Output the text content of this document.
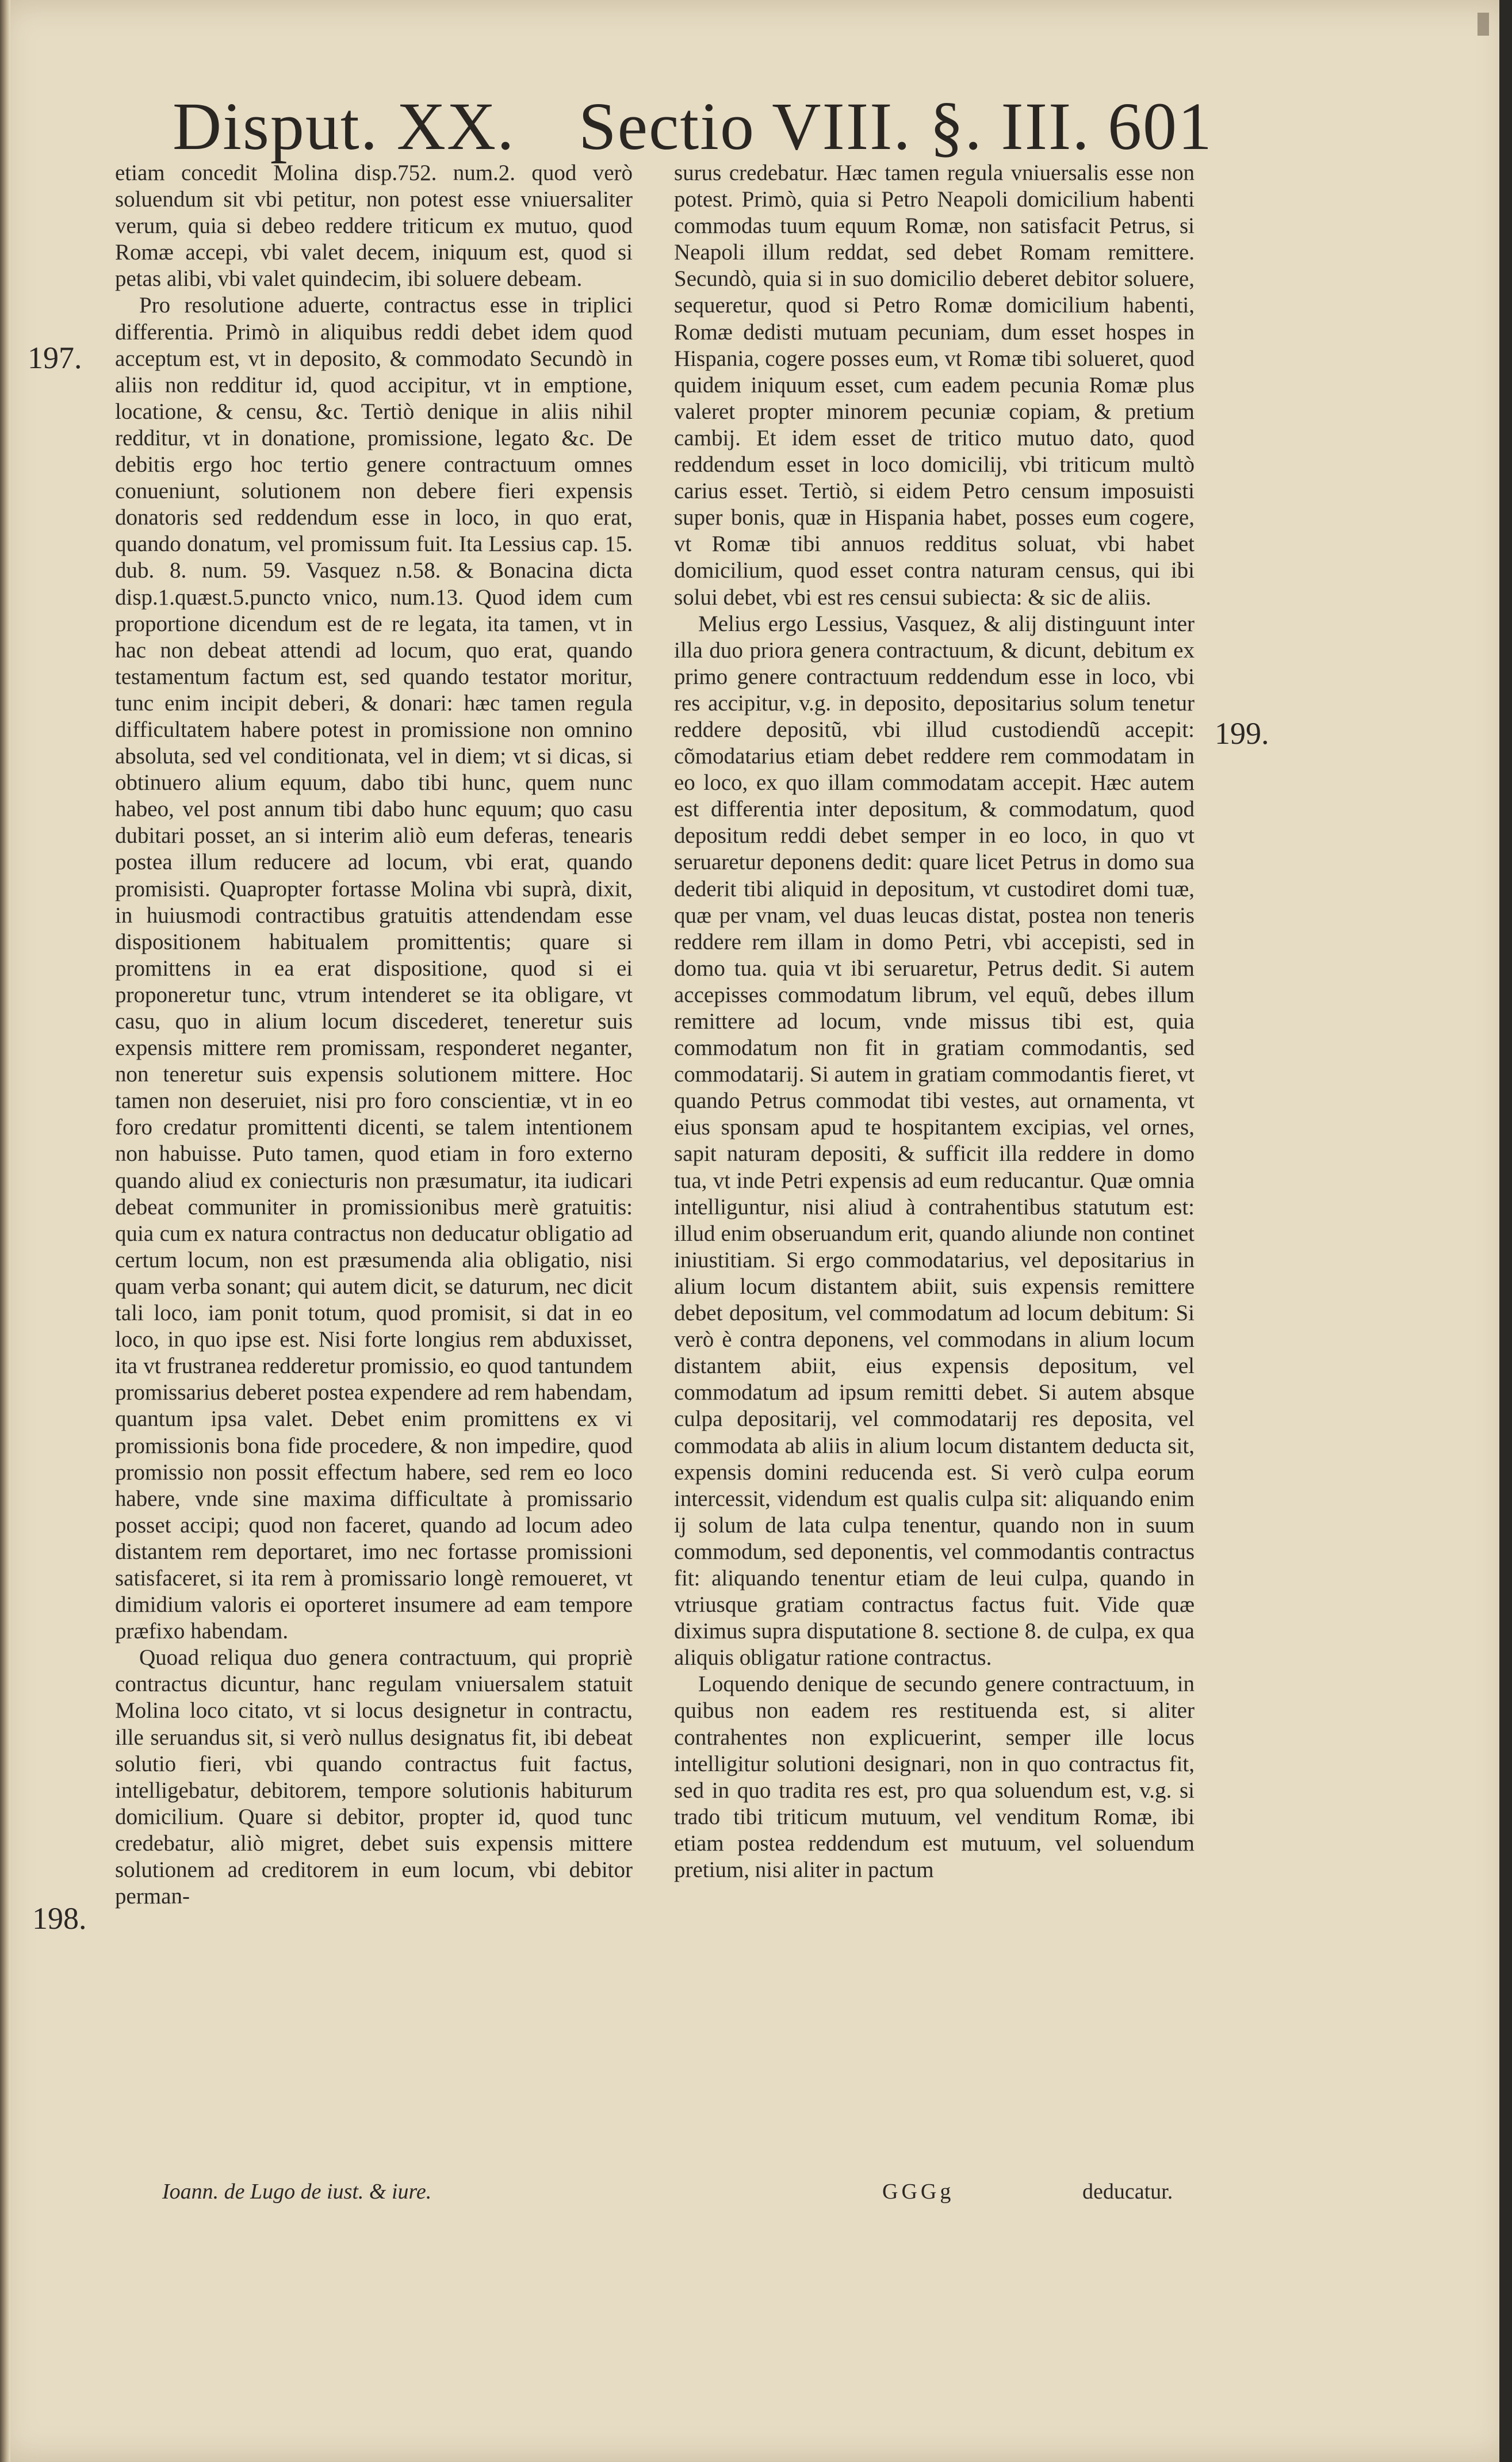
Disput. XX. Sectio VIII. §. III. 601
197.
198.
199.

etiam concedit Molina disp.752. num.2. quod verò soluendum sit vbi petitur, non potest esse vniuersaliter verum, quia si debeo reddere triticum ex mutuo, quod Romæ accepi, vbi valet decem, iniquum est, quod si petas alibi, vbi valet quindecim, ibi soluere debeam.

Pro resolutione aduerte, contractus esse in triplici differentia. Primò in aliquibus reddi debet idem quod acceptum est, vt in deposito, & commodato Secundò in aliis non redditur id, quod accipitur, vt in emptione, locatione, & censu, &c. Tertiò denique in aliis nihil redditur, vt in donatione, promissione, legato &c. De debitis ergo hoc tertio genere contractuum omnes conueniunt, solutionem non debere fieri expensis donatoris sed reddendum esse in loco, in quo erat, quando donatum, vel promissum fuit. Ita Lessius cap. 15. dub. 8. num. 59. Vasquez n.58. & Bonacina dicta disp.1.quæst.5.puncto vnico, num.13. Quod idem cum proportione dicendum est de re legata, ita tamen, vt in hac non debeat attendi ad locum, quo erat, quando testamentum factum est, sed quando testator moritur, tunc enim incipit deberi, & donari: hæc tamen regula difficultatem habere potest in promissione non omnino absoluta, sed vel conditionata, vel in diem; vt si dicas, si obtinuero alium equum, dabo tibi hunc, quem nunc habeo, vel post annum tibi dabo hunc equum; quo casu dubitari posset, an si interim aliò eum deferas, tenearis postea illum reducere ad locum, vbi erat, quando promisisti. Quapropter fortasse Molina vbi suprà, dixit, in huiusmodi contractibus gratuitis attendendam esse dispositionem habitualem promittentis; quare si promittens in ea erat dispositione, quod si ei proponeretur tunc, vtrum intenderet se ita obligare, vt casu, quo in alium locum discederet, teneretur suis expensis mittere rem promissam, responderet neganter, non teneretur suis expensis solutionem mittere. Hoc tamen non deseruiet, nisi pro foro conscientiæ, vt in eo foro credatur promittenti dicenti, se talem intentionem non habuisse. Puto tamen, quod etiam in foro externo quando aliud ex coniecturis non præsumatur, ita iudicari debeat communiter in promissionibus merè gratuitis: quia cum ex natura contractus non deducatur obligatio ad certum locum, non est præsumenda alia obligatio, nisi quam verba sonant; qui autem dicit, se daturum, nec dicit tali loco, iam ponit totum, quod promisit, si dat in eo loco, in quo ipse est. Nisi forte longius rem abduxisset, ita vt frustranea redderetur promissio, eo quod tantundem promissarius deberet postea expendere ad rem habendam, quantum ipsa valet. Debet enim promittens ex vi promissionis bona fide procedere, & non impedire, quod promissio non possit effectum habere, sed rem eo loco habere, vnde sine maxima difficultate à promissario posset accipi; quod non faceret, quando ad locum adeo distantem rem deportaret, imo nec fortasse promissioni satisfaceret, si ita rem à promissario longè remoueret, vt dimidium valoris ei oporteret insumere ad eam tempore præfixo habendam.

Quoad reliqua duo genera contractuum, qui propriè contractus dicuntur, hanc regulam vniuersalem statuit Molina loco citato, vt si locus designetur in contractu, ille seruandus sit, si verò nullus designatus fit, ibi debeat solutio fieri, vbi quando contractus fuit factus, intelligebatur, debitorem, tempore solutionis habiturum domicilium. Quare si debitor, propter id, quod tunc credebatur, aliò migret, debet suis expensis mittere solutionem ad creditorem in eum locum, vbi debitor perman-

surus credebatur. Hæc tamen regula vniuersalis esse non potest. Primò, quia si Petro Neapoli domicilium habenti commodas tuum equum Romæ, non satisfacit Petrus, si Neapoli illum reddat, sed debet Romam remittere. Secundò, quia si in suo domicilio deberet debitor soluere, sequeretur, quod si Petro Romæ domicilium habenti, Romæ dedisti mutuam pecuniam, dum esset hospes in Hispania, cogere posses eum, vt Romæ tibi solueret, quod quidem iniquum esset, cum eadem pecunia Romæ plus valeret propter minorem pecuniæ copiam, & pretium cambij. Et idem esset de tritico mutuo dato, quod reddendum esset in loco domicilij, vbi triticum multò carius esset. Tertiò, si eidem Petro censum imposuisti super bonis, quæ in Hispania habet, posses eum cogere, vt Romæ tibi annuos redditus soluat, vbi habet domicilium, quod esset contra naturam census, qui ibi solui debet, vbi est res censui subiecta: & sic de aliis.

Melius ergo Lessius, Vasquez, & alij distinguunt inter illa duo priora genera contractuum, & dicunt, debitum ex primo genere contractuum reddendum esse in loco, vbi res accipitur, v.g. in deposito, depositarius solum tenetur reddere depositũ, vbi illud custodiendũ accepit: cõmodatarius etiam debet reddere rem commodatam in eo loco, ex quo illam commodatam accepit. Hæc autem est differentia inter depositum, & commodatum, quod depositum reddi debet semper in eo loco, in quo vt seruaretur deponens dedit: quare licet Petrus in domo sua dederit tibi aliquid in depositum, vt custodiret domi tuæ, quæ per vnam, vel duas leucas distat, postea non teneris reddere rem illam in domo Petri, vbi accepisti, sed in domo tua. quia vt ibi seruaretur, Petrus dedit. Si autem accepisses commodatum librum, vel equũ, debes illum remittere ad locum, vnde missus tibi est, quia commodatum non fit in gratiam commodantis, sed commodatarij. Si autem in gratiam commodantis fieret, vt quando Petrus commodat tibi vestes, aut ornamenta, vt eius sponsam apud te hospitantem excipias, vel ornes, sapit naturam depositi, & sufficit illa reddere in domo tua, vt inde Petri expensis ad eum reducantur. Quæ omnia intelliguntur, nisi aliud à contrahentibus statutum est: illud enim obseruandum erit, quando aliunde non continet iniustitiam. Si ergo commodatarius, vel depositarius in alium locum distantem abiit, suis expensis remittere debet depositum, vel commodatum ad locum debitum: Si verò è contra deponens, vel commodans in alium locum distantem abiit, eius expensis depositum, vel commodatum ad ipsum remitti debet. Si autem absque culpa depositarij, vel commodatarij res deposita, vel commodata ab aliis in alium locum distantem deducta sit, expensis domini reducenda est. Si verò culpa eorum intercessit, videndum est qualis culpa sit: aliquando enim ij solum de lata culpa tenentur, quando non in suum commodum, sed deponentis, vel commodantis contractus fit: aliquando tenentur etiam de leui culpa, quando in vtriusque gratiam contractus factus fuit. Vide quæ diximus supra disputatione 8. sectione 8. de culpa, ex qua aliquis obligatur ratione contractus.

Loquendo denique de secundo genere contractuum, in quibus non eadem res restituenda est, si aliter contrahentes non explicuerint, semper ille locus intelligitur solutioni designari, non in quo contractus fit, sed in quo tradita res est, pro qua soluendum est, v.g. si trado tibi triticum mutuum, vel venditum Romæ, ibi etiam postea reddendum est mutuum, vel soluendum pretium, nisi aliter in pactum

Ioann. de Lugo de iust. & iure.	GGGg	deducatur.
